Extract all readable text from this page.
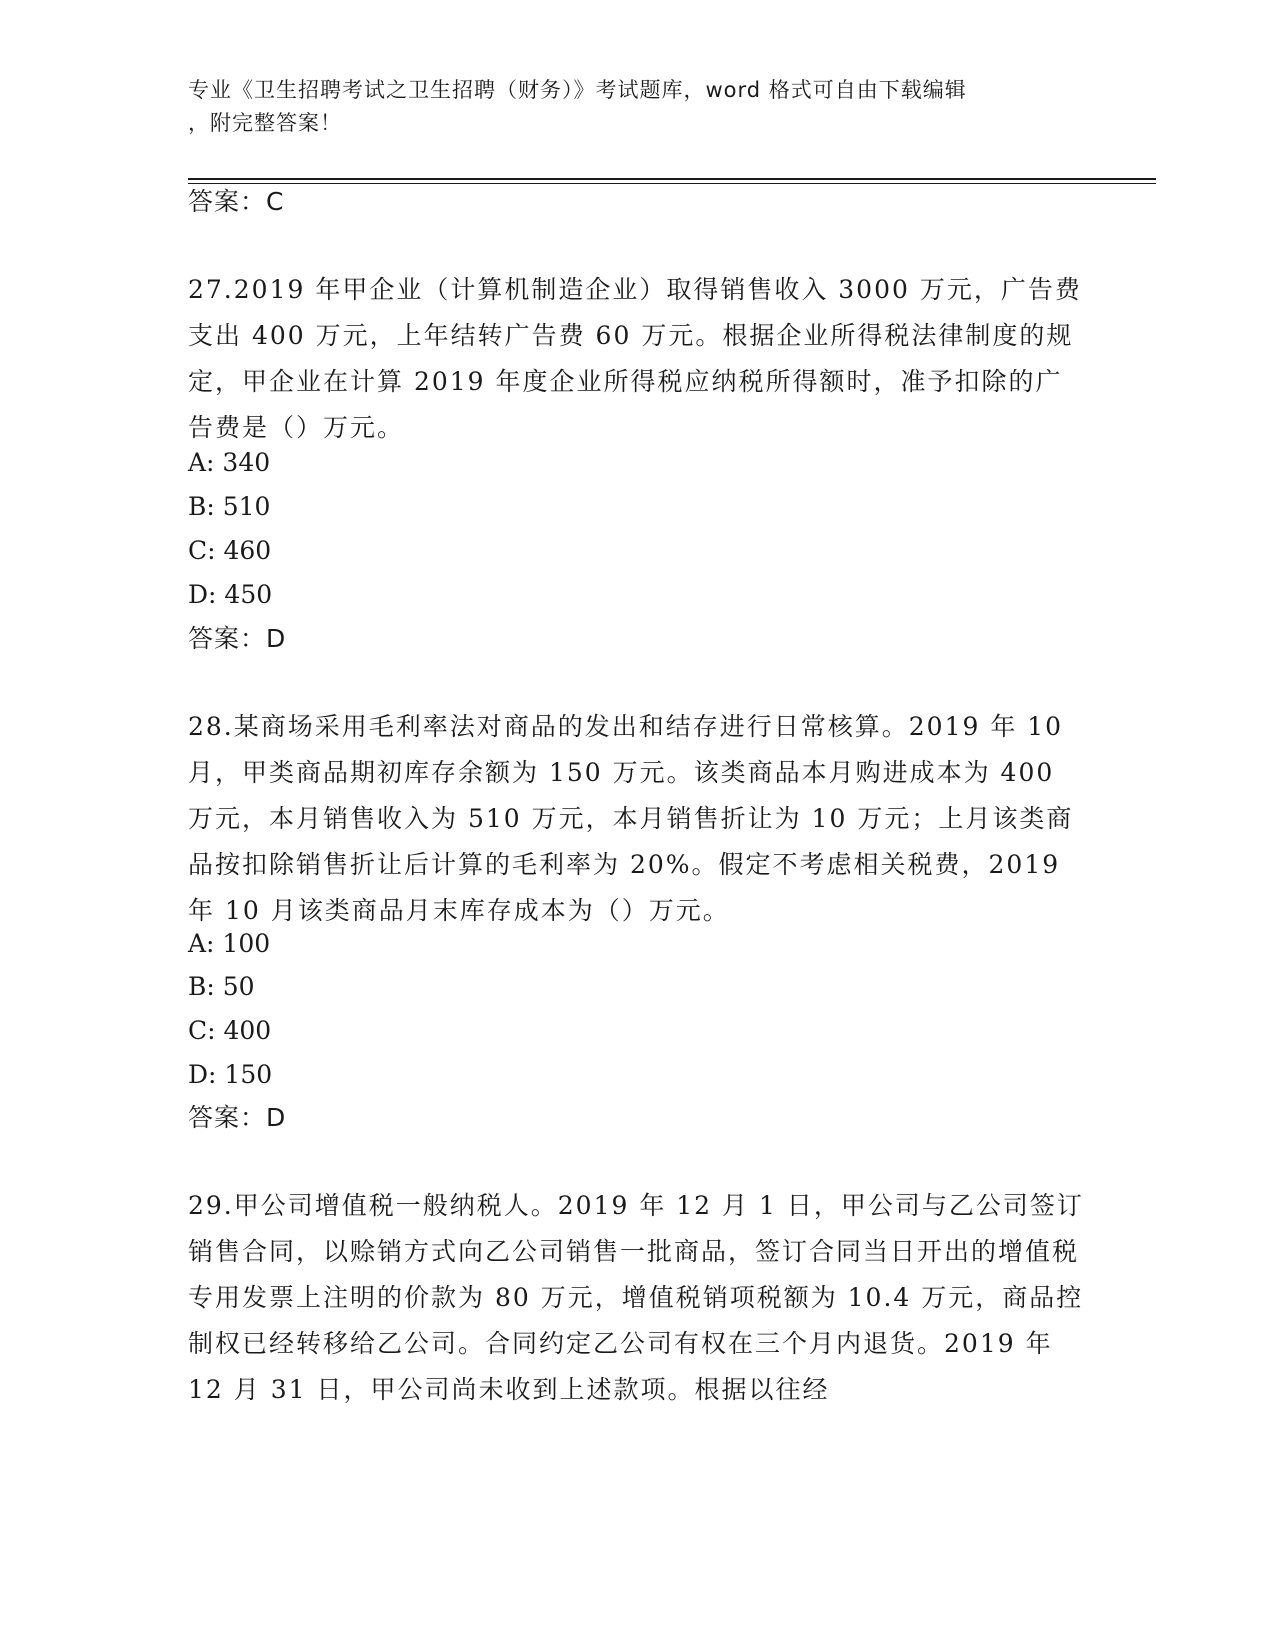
专业《卫生招聘考试之卫生招聘（财务）》考试题库，word 格式可自由下载编辑
，附完整答案！
答案：C
27.2019 年甲企业（计算机制造企业）取得销售收入 3000 万元，广告费支出 400 万元，上年结转广告费 60 万元。根据企业所得税法律制度的规定，甲企业在计算 2019 年度企业所得税应纳税所得额时，准予扣除的广告费是（）万元。
A: 340
B: 510
C: 460
D: 450
答案：D
28.某商场采用毛利率法对商品的发出和结存进行日常核算。2019 年 10 月，甲类商品期初库存余额为 150 万元。该类商品本月购进成本为 400 万元，本月销售收入为 510 万元，本月销售折让为 10 万元；上月该类商品按扣除销售折让后计算的毛利率为 20%。假定不考虑相关税费，2019 年 10 月该类商品月末库存成本为（）万元。
A: 100
B: 50
C: 400
D: 150
答案：D
29.甲公司增值税一般纳税人。2019 年 12 月 1 日，甲公司与乙公司签订销售合同，以赊销方式向乙公司销售一批商品，签订合同当日开出的增值税专用发票上注明的价款为 80 万元，增值税销项税额为 10.4 万元，商品控制权已经转移给乙公司。合同约定乙公司有权在三个月内退货。2019 年 12 月 31 日，甲公司尚未收到上述款项。根据以往经
